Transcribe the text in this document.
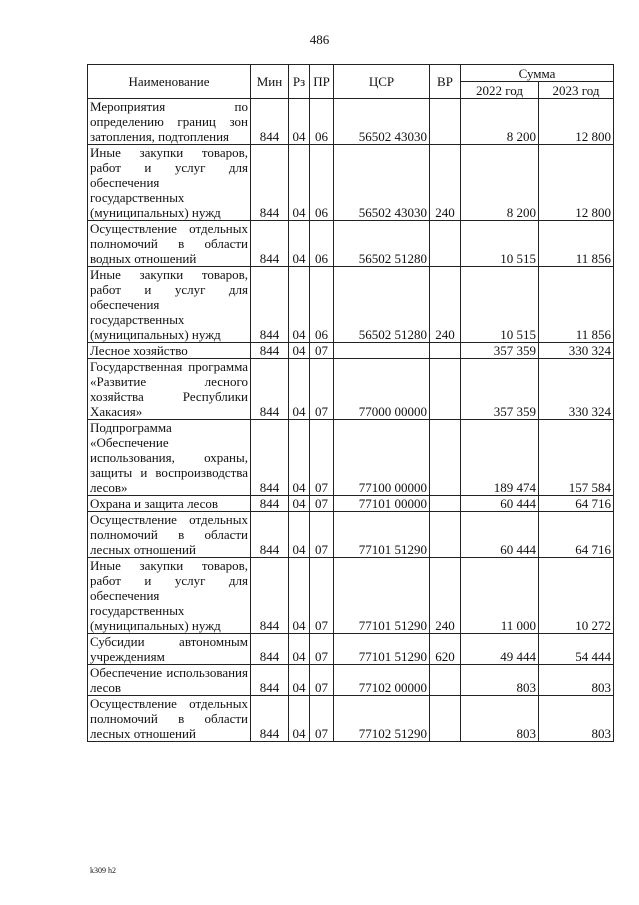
486
Наименование	Мин	Рз	ПР	ЦСР	ВР	Сумма	
						2022 год	2023 год
Мероприятия по определению границ зон затопления, подтопления	844	04	06	56502 43030		8 200	12 800
Иные закупки товаров, работ и услуг для обеспечения государственных (муниципальных) нужд	844	04	06	56502 43030	240	8 200	12 800
Осуществление отдельных полномочий в области водных отношений	844	04	06	56502 51280		10 515	11 856
Иные закупки товаров, работ и услуг для обеспечения государственных (муниципальных) нужд	844	04	06	56502 51280	240	10 515	11 856
Лесное хозяйство	844	04	07			357 359	330 324
Государственная программа «Развитие лесного хозяйства Республики Хакасия»	844	04	07	77000 00000		357 359	330 324
Подпрограмма «Обеспечение использования, охраны, защиты и воспроизводства лесов»	844	04	07	77100 00000		189 474	157 584
Охрана и защита лесов	844	04	07	77101 00000		60 444	64 716
Осуществление отдельных полномочий в области лесных отношений	844	04	07	77101 51290		60 444	64 716
Иные закупки товаров, работ и услуг для обеспечения государственных (муниципальных) нужд	844	04	07	77101 51290	240	11 000	10 272
Субсидии автономным учреждениям	844	04	07	77101 51290	620	49 444	54 444
Обеспечение использования лесов	844	04	07	77102 00000		803	803
Осуществление отдельных полномочий в области лесных отношений	844	04	07	77102 51290		803	803
k309 h2
